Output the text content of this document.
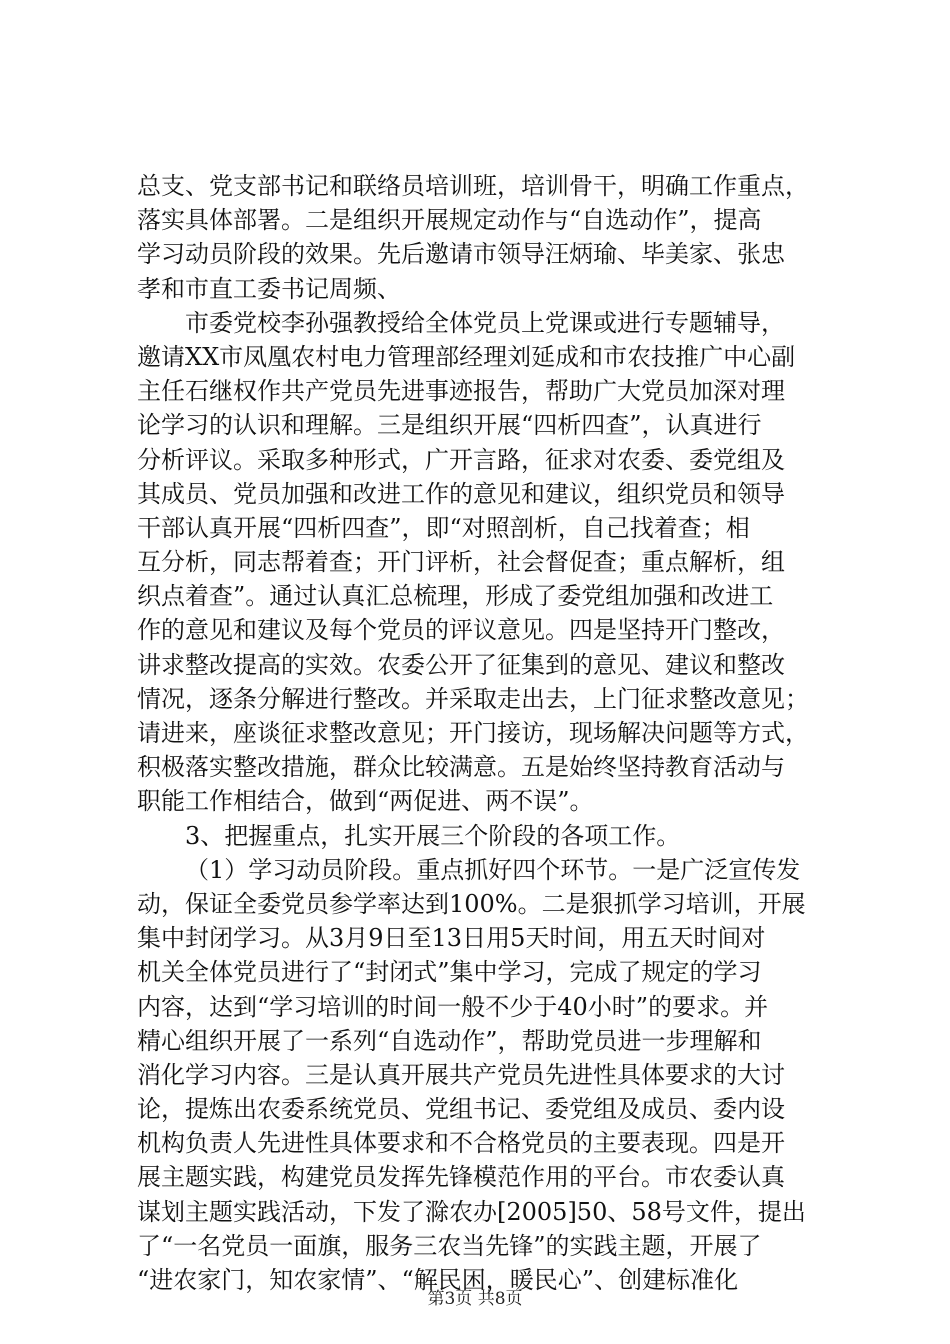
总支、党支部书记和联络员培训班，培训骨干，明确工作重点，
落实具体部署。二是组织开展规定动作与“自选动作”，提高
学习动员阶段的效果。先后邀请市领导汪炳瑜、毕美家、张忠
孝和市直工委书记周频、
市委党校李孙强教授给全体党员上党课或进行专题辅导，
邀请XX市凤凰农村电力管理部经理刘延成和市农技推广中心副
主任石继权作共产党员先进事迹报告，帮助广大党员加深对理
论学习的认识和理解。三是组织开展“四析四查”，认真进行
分析评议。采取多种形式，广开言路，征求对农委、委党组及
其成员、党员加强和改进工作的意见和建议，组织党员和领导
干部认真开展“四析四查”，即“对照剖析，自己找着查；相
互分析，同志帮着查；开门评析，社会督促查；重点解析，组
织点着查”。通过认真汇总梳理，形成了委党组加强和改进工
作的意见和建议及每个党员的评议意见。四是坚持开门整改，
讲求整改提高的实效。农委公开了征集到的意见、建议和整改
情况，逐条分解进行整改。并采取走出去，上门征求整改意见；
请进来，座谈征求整改意见；开门接访，现场解决问题等方式，
积极落实整改措施，群众比较满意。五是始终坚持教育活动与
职能工作相结合，做到“两促进、两不误”。
3、把握重点，扎实开展三个阶段的各项工作。
（1）学习动员阶段。重点抓好四个环节。一是广泛宣传发
动，保证全委党员参学率达到100%。二是狠抓学习培训，开展
集中封闭学习。从3月9日至13日用5天时间，用五天时间对
机关全体党员进行了“封闭式”集中学习，完成了规定的学习
内容，达到“学习培训的时间一般不少于40小时”的要求。并
精心组织开展了一系列“自选动作”，帮助党员进一步理解和
消化学习内容。三是认真开展共产党员先进性具体要求的大讨
论，提炼出农委系统党员、党组书记、委党组及成员、委内设
机构负责人先进性具体要求和不合格党员的主要表现。四是开
展主题实践，构建党员发挥先锋模范作用的平台。市农委认真
谋划主题实践活动，下发了滁农办[2005]50、58号文件，提出
了“一名党员一面旗，服务三农当先锋”的实践主题，开展了
“进农家门，知农家情”、“解民困，暖民心”、创建标准化
第3页 共8页
